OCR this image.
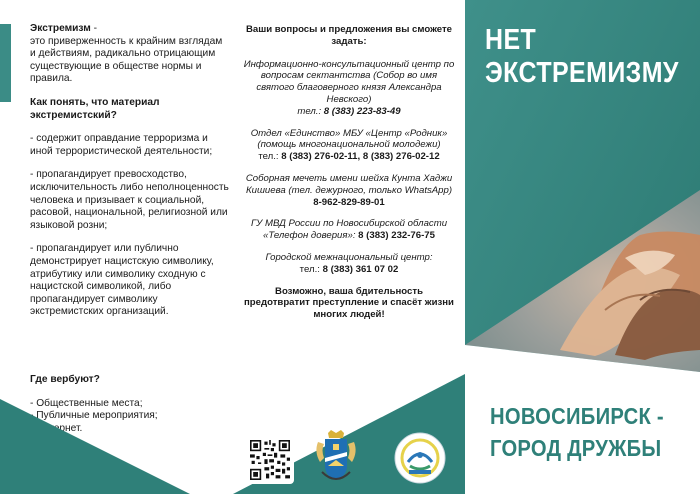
Экстремизм -
это приверженность к крайним взглядам и действиям, радикально отрицающим существующие в обществе нормы и правила.

Как понять, что материал экстремистский?

- содержит оправдание терроризма и иной террористической деятельности;

- пропагандирует превосходство, исключительность либо неполноценность человека и призывает к социальной, расовой, национальной, религиозной или языковой розни;

- пропагандирует или публично демонстрирует нацистскую символику, атрибутику или символику сходную с нацистской символикой, либо пропагандирует символику экстремистских организаций.

Где вербуют?
- Общественные места;
- Публичные мероприятия;
- Интернет.
Ваши вопросы и предложения вы сможете задать:
Информационно-консультационный центр по вопросам сектантства (Собор во имя святого благоверного князя Александра Невского)
тел.: 8 (383) 223-83-49
Отдел «Единство» МБУ «Центр «Родник» (помощь многонациональной молодежи)
тел.: 8 (383) 276-02-11, 8 (383) 276-02-12
Соборная мечеть имени шейха Кунта Хаджи Кишиева (тел. дежурного, только WhatsApp)
8-962-829-89-01
ГУ МВД России по Новосибирской области «Телефон доверия»: 8 (383) 232-76-75
Городской межнациональный центр:
тел.: 8 (383) 361 07 02
Возможно, ваша бдительность предотвратит преступление и спасёт жизни многих людей!
НЕТ
ЭКСТРЕМИЗМУ
НОВОСИБИРСК -
ГОРОД ДРУЖБЫ
